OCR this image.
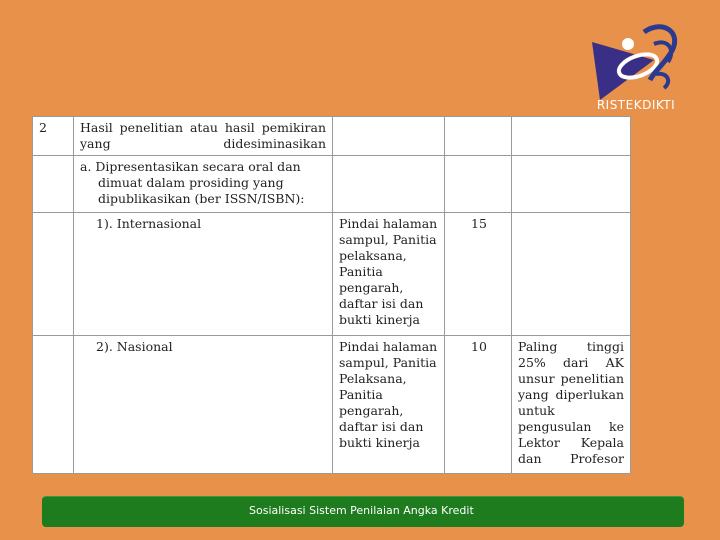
RISTEKDIKTI
2	Hasil penelitian atau hasil pemikiran yang didesiminasikan			

	a. Dipresentasikan secara oral dan
dimuat dalam prosiding yang
dipublikasikan (ber ISSN/ISBN):			

	1). Internasional	Pindai halaman sampul, Panitia pelaksana, Panitia pengarah, daftar isi dan bukti kinerja	15	
	2). Nasional	Pindai halaman sampul, Panitia Pelaksana, Panitia pengarah, daftar isi dan bukti kinerja	10	Paling tinggi 25% dari AK unsur penelitian yang diperlukan untuk pengusulan ke Lektor Kepala dan Profesor
Sosialisasi Sistem Penilaian Angka Kredit
